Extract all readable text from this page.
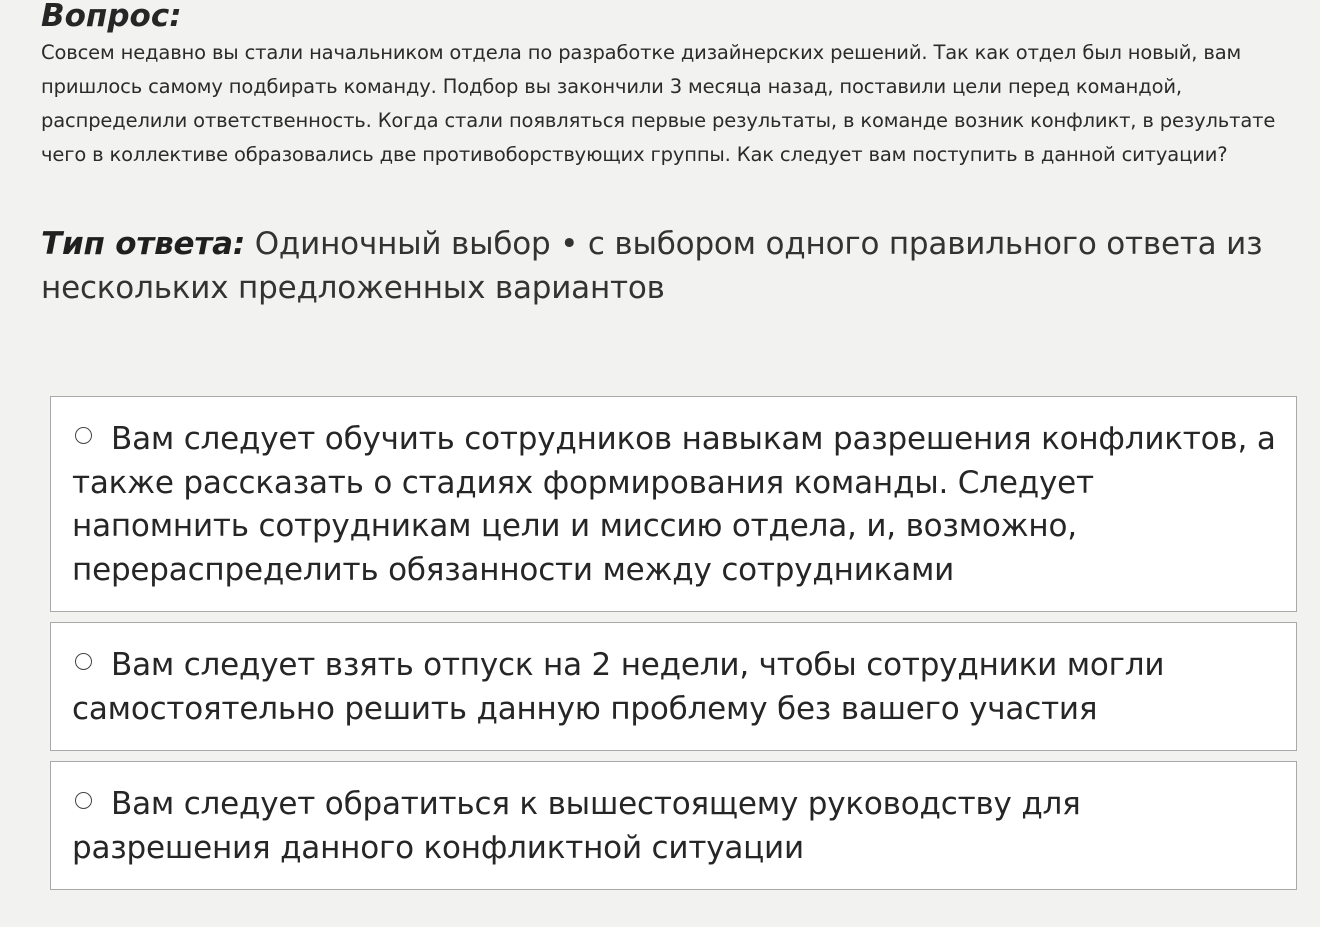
Вопрос:
Совсем недавно вы стали начальником отдела по разработке дизайнерских решений. Так как отдел был новый, вам пришлось самому подбирать команду. Подбор вы закончили 3 месяца назад, поставили цели перед командой, распределили ответственность. Когда стали появляться первые результаты, в команде возник конфликт, в результате чего в коллективе образовались две противоборствующих группы. Как следует вам поступить в данной ситуации?
Тип ответа: Одиночный выбор • с выбором одного правильного ответа из нескольких предложенных вариантов
Вам следует обучить сотрудников навыкам разрешения конфликтов, а также рассказать о стадиях формирования команды. Следует напомнить сотрудникам цели и миссию отдела, и, возможно, перераспределить обязанности между сотрудниками
Вам следует взять отпуск на 2 недели, чтобы сотрудники могли самостоятельно решить данную проблему без вашего участия
Вам следует обратиться к вышестоящему руководству для разрешения данного конфликтной ситуации
